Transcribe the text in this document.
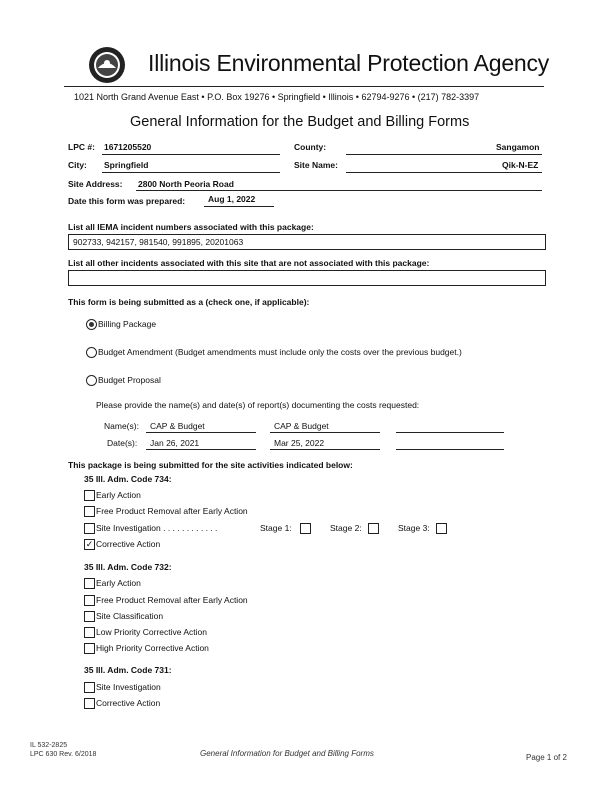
Illinois Environmental Protection Agency
1021 North Grand Avenue East • P.O. Box 19276 • Springfield • Illinois • 62794-9276 • (217) 782-3397
General Information for the Budget and Billing Forms
LPC #: 1671205520	County:	Sangamon
City: Springfield	Site Name:	Qik-N-EZ
Site Address: 2800 North Peoria Road
Date this form was prepared:	Aug 1, 2022
List all IEMA incident numbers associated with this package:
902733, 942157, 981540, 991895, 20201063
List all other incidents associated with this site that are not associated with this package:
This form is being submitted as a (check one, if applicable):
Billing Package
Budget Amendment (Budget amendments must include only the costs over the previous budget.)
Budget Proposal
Please provide the name(s) and date(s) of report(s) documenting the costs requested:
Name(s): CAP & Budget	CAP & Budget
Date(s): Jan 26, 2021	Mar 25, 2022
This package is being submitted for the site activities indicated below:
35 Ill. Adm. Code 734:
Early Action
Free Product Removal after Early Action
Site Investigation . . . . . . . . . . . .	Stage 1:	Stage 2:	Stage 3:
✓ Corrective Action
35 Ill. Adm. Code 732:
Early Action
Free Product Removal after Early Action
Site Classification
Low Priority Corrective Action
High Priority Corrective Action
35 Ill. Adm. Code 731:
Site Investigation
Corrective Action
IL 532-2825
LPC 630 Rev. 6/2018	General Information for Budget and Billing Forms	Page 1 of 2
